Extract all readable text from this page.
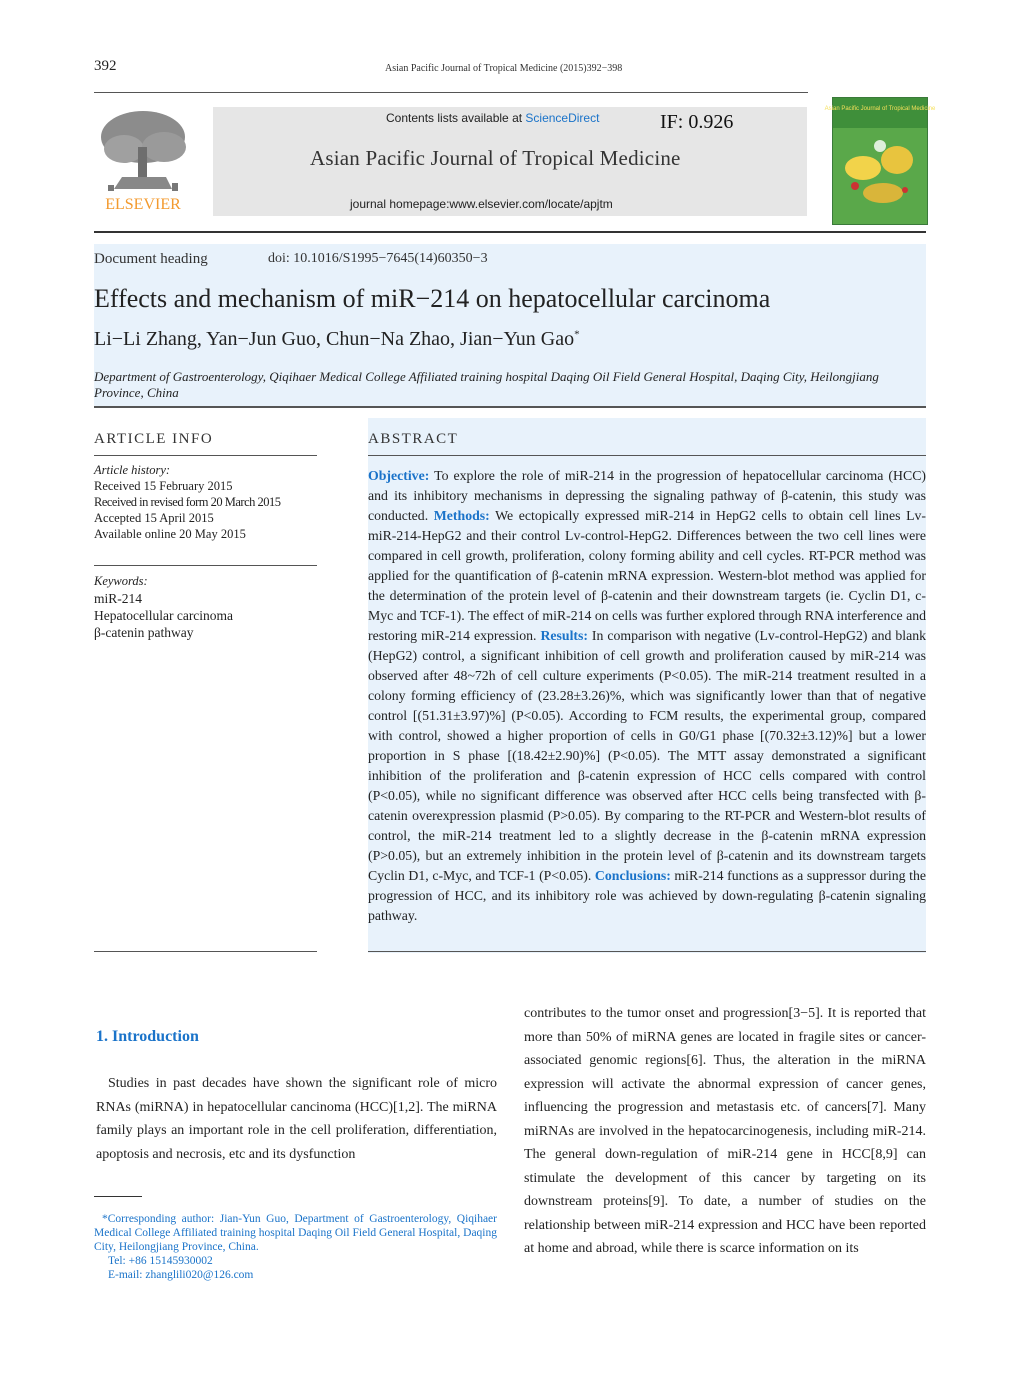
392	Asian Pacific Journal of Tropical Medicine (2015)392−398
ELSEVIER
Contents lists available at ScienceDirect	IF: 0.926
Asian Pacific Journal of Tropical Medicine
journal homepage:www.elsevier.com/locate/apjtm
Asian Pacific Journal of Tropical Medicine
Document heading	doi: 10.1016/S1995−7645(14)60350−3
Effects and mechanism of miR−214 on hepatocellular carcinoma
Li−Li Zhang, Yan−Jun Guo, Chun−Na Zhao, Jian−Yun Gao*
Department of Gastroenterology, Qiqihaer Medical College Affiliated training hospital Daqing Oil Field General Hospital, Daqing City, Heilongjiang Province, China
ARTICLE INFO
Article history:
Received 15 February 2015
Received in revised form 20 March 2015
Accepted 15 April 2015
Available online 20 May 2015
Keywords:
miR-214
Hepatocellular carcinoma
β-catenin pathway
ABSTRACT
Objective: To explore the role of miR-214 in the progression of hepatocellular carcinoma (HCC) and its inhibitory mechanisms in depressing the signaling pathway of β-catenin, this study was conducted. Methods: We ectopically expressed miR-214 in HepG2 cells to obtain cell lines Lv-miR-214-HepG2 and their control Lv-control-HepG2. Differences between the two cell lines were compared in cell growth, proliferation, colony forming ability and cell cycles. RT-PCR method was applied for the quantification of β-catenin mRNA expression. Western-blot method was applied for the determination of the protein level of β-catenin and their downstream targets (ie. Cyclin D1, c-Myc and TCF-1). The effect of miR-214 on cells was further explored through RNA interference and restoring miR-214 expression. Results: In comparison with negative (Lv-control-HepG2) and blank (HepG2) control, a significant inhibition of cell growth and proliferation caused by miR-214 was observed after 48~72h of cell culture experiments (P<0.05). The miR-214 treatment resulted in a colony forming efficiency of (23.28±3.26)%, which was significantly lower than that of negative control [(51.31±3.97)%] (P<0.05). According to FCM results, the experimental group, compared with control, showed a higher proportion of cells in G0/G1 phase [(70.32±3.12)%] but a lower proportion in S phase [(18.42±2.90)%] (P<0.05). The MTT assay demonstrated a significant inhibition of the proliferation and β-catenin expression of HCC cells compared with control (P<0.05), while no significant difference was observed after HCC cells being transfected with β-catenin overexpression plasmid (P>0.05). By comparing to the RT-PCR and Western-blot results of control, the miR-214 treatment led to a slightly decrease in the β-catenin mRNA expression (P>0.05), but an extremely inhibition in the protein level of β-catenin and its downstream targets Cyclin D1, c-Myc, and TCF-1 (P<0.05). Conclusions: miR-214 functions as a suppressor during the progression of HCC, and its inhibitory role was achieved by down-regulating β-catenin signaling pathway.
1. Introduction

Studies in past decades have shown the significant role of micro RNAs (miRNA) in hepatocellular cancinoma (HCC)[1,2]. The miRNA family plays an important role in the cell proliferation, differentiation, apoptosis and necrosis, etc and its dysfunction

*Corresponding author: Jian-Yun Guo, Department of Gastroenterology, Qiqihaer Medical College Affiliated training hospital Daqing Oil Field General Hospital, Daqing City, Heilongjiang Province, China.
Tel: +86 15145930002
E-mail: zhanglili020@126.com

contributes to the tumor onset and progression[3−5]. It is reported that more than 50% of miRNA genes are located in fragile sites or cancer-associated genomic regions[6]. Thus, the alteration in the miRNA expression will activate the abnormal expression of cancer genes, influencing the progression and metastasis etc. of cancers[7]. Many miRNAs are involved in the hepatocarcinogenesis, including miR-214. The general down-regulation of miR-214 gene in HCC[8,9] can stimulate the development of this cancer by targeting on its downstream proteins[9]. To date, a number of studies on the relationship between miR-214 expression and HCC have been reported at home and abroad, while there is scarce information on its
